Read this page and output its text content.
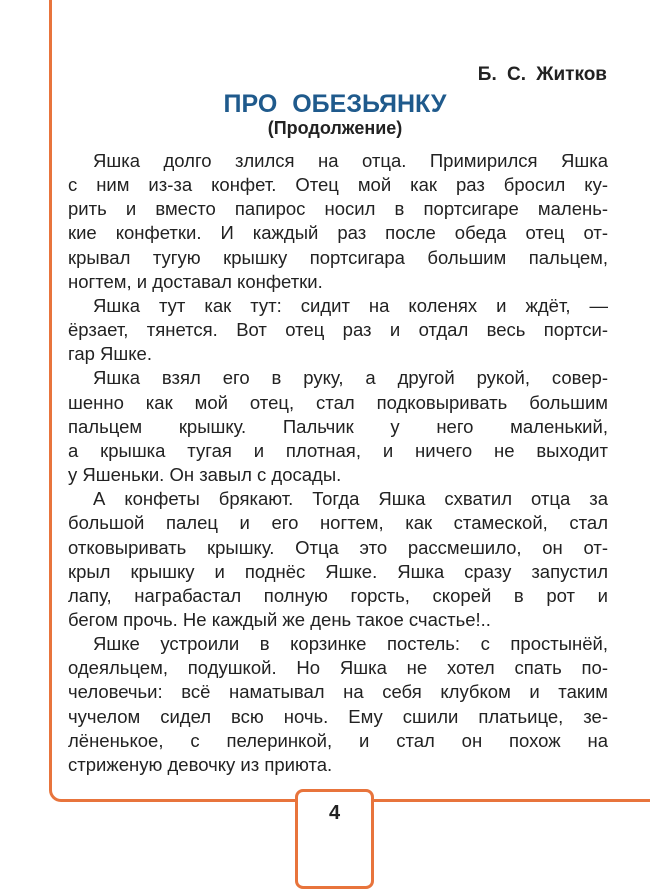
4
Б. С. Житков
ПРО ОБЕЗЬЯНКУ
(Продолжение)
Яшка долго злился на отца. Примирился Яшка
с ним из-за конфет. Отец мой как раз бросил ку-
рить и вместо папирос носил в портсигаре малень-
кие конфетки. И каждый раз после обеда отец от-
крывал тугую крышку портсигара большим пальцем,
ногтем, и доставал конфетки.
Яшка тут как тут: сидит на коленях и ждёт, —
ёрзает, тянется. Вот отец раз и отдал весь портси-
гар Яшке.
Яшка взял его в руку, а другой рукой, совер-
шенно как мой отец, стал подковыривать большим
пальцем крышку. Пальчик у него маленький,
а крышка тугая и плотная, и ничего не выходит
у Яшеньки. Он завыл с досады.
А конфеты брякают. Тогда Яшка схватил отца за
большой палец и его ногтем, как стамеской, стал
отковыривать крышку. Отца это рассмешило, он от-
крыл крышку и поднёс Яшке. Яшка сразу запустил
лапу, награбастал полную горсть, скорей в рот и
бегом прочь. Не каждый же день такое счастье!..
Яшке устроили в корзинке постель: с простынёй,
одеяльцем, подушкой. Но Яшка не хотел спать по-
человечьи: всё наматывал на себя клубком и таким
чучелом сидел всю ночь. Ему сшили платьице, зе-
лёненькое, с пелеринкой, и стал он похож на
стриженую девочку из приюта.
